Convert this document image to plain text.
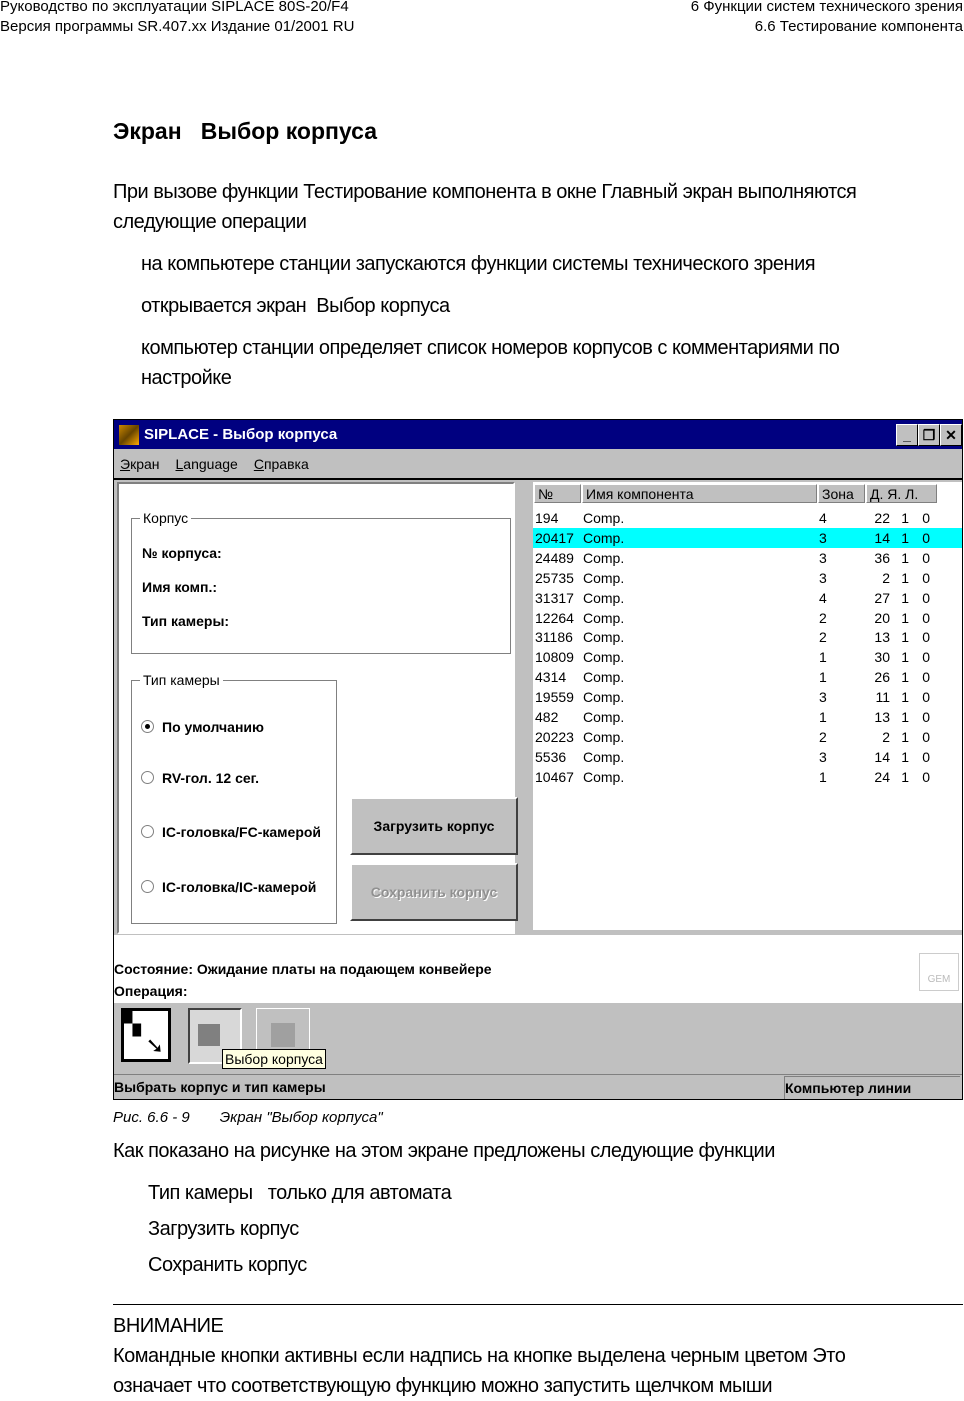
Руководство по эксплуатации SIPLACE 80S-20/F4
Версия программы SR.407.xx Издание 01/2001 RU
6 Функции систем технического зрения
6.6 Тестирование компонента
Экран   Выбор корпуса
При вызове функции Тестирование компонента в окне Главный экран выполняются следующие операции
на компьютере станции запускаются функции системы технического зрения
открывается экран  Выбор корпуса
компьютер станции определяет список номеров корпусов с комментариями по настройке
SIPLACE - Выбор корпуса	_ ❐ ✕
Экран Language Справка
Корпус
№ корпуса:
Имя комп.:
Тип камеры:
Тип камеры
По умолчанию
RV-гол. 12 сег.
IC-головка/FC-камерой
IC-головка/IC-камерой
Загрузить корпус
Сохранить корпус
№	Имя компонента	Зона	Д. Я. Л.
194 Comp.	4	22 1 0
20417 Comp.	3	14 1 0
24489 Comp.	3	36 1 0
25735 Comp.	3	2 1 0
31317 Comp.	4	27 1 0
12264 Comp.	2	20 1 0
31186 Comp.	2	13 1 0
10809 Comp.	1	30 1 0
4314 Comp.	1	26 1 0
19559 Comp.	3	11 1 0
482 Comp.	1	13 1 0
20223 Comp.	2	2 1 0
5536 Comp.	3	14 1 0
10467 Comp.	1	24 1 0
Состояние: Ожидание платы на подающем конвейере
Операция:
GEM
▚
➘
Выбор корпуса
Выбрать корпус и тип камеры	Компьютер линии
Рис. 6.6 - 9 Экран "Выбор корпуса"
Как показано на рисунке на этом экране предложены следующие функции
Тип камеры   только для автомата
Загрузить корпус
Сохранить корпус
ВНИМАНИЕ
Командные кнопки активны если надпись на кнопке выделена черным цветом Это означает что соответствующую функцию можно запустить щелчком мыши
